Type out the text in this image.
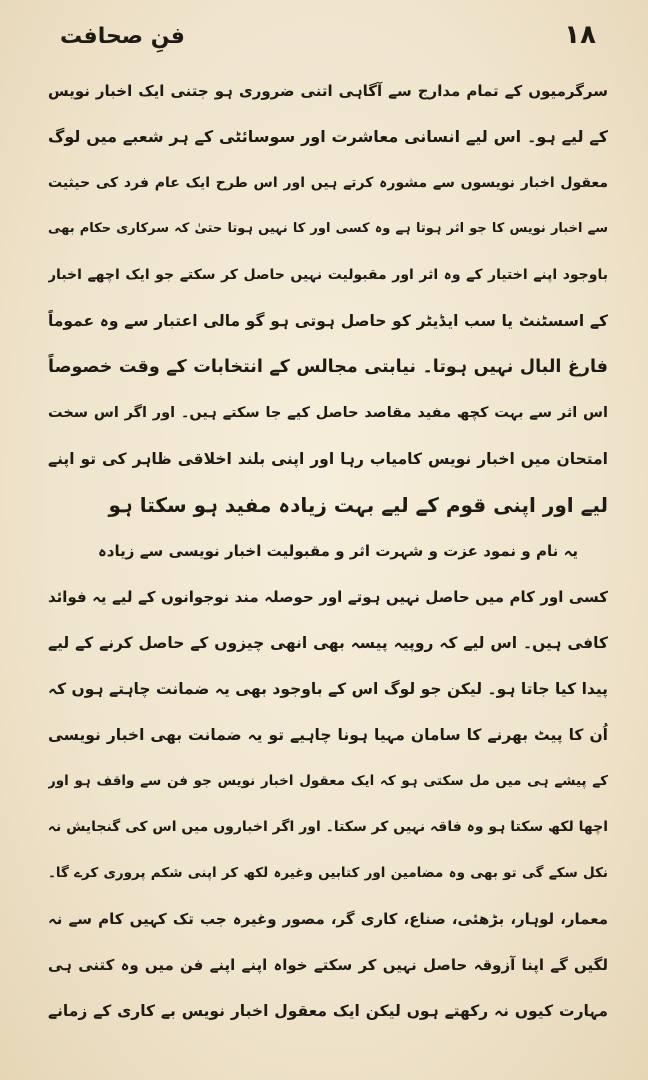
فنِ صحافت	۱۸
سرگرمیوں کے تمام مدارج سے آگاہی اتنی ضروری ہو جتنی ایک اخبار نویس
کے لیے ہو۔ اس لیے انسانی معاشرت اور سوسائٹی کے ہر شعبے میں لوگ
معقول اخبار نویسوں سے مشورہ کرتے ہیں اور اس طرح ایک عام فرد کی حیثیت
سے اخبار نویس کا جو اثر ہوتا ہے وہ کسی اور کا نہیں ہوتا حتیٰ کہ سرکاری حکام بھی
باوجود اپنے اختیار کے وہ اثر اور مقبولیت نہیں حاصل کر سکتے جو ایک اچھے اخبار
کے اسسٹنٹ یا سب ایڈیٹر کو حاصل ہوتی ہو گو مالی اعتبار سے وہ عموماً
فارغ البال نہیں ہوتا۔ نیابتی مجالس کے انتخابات کے وقت خصوصاً
اس اثر سے بہت کچھ مفید مقاصد حاصل کیے جا سکتے ہیں۔ اور اگر اس سخت
امتحان میں اخبار نویس کامیاب رہا اور اپنی بلند اخلاقی ظاہر کی تو اپنے
لیے اور اپنی قوم کے لیے بہت زیادہ مفید ہو سکتا ہو
یہ نام و نمود عزت و شہرت اثر و مقبولیت اخبار نویسی سے زیادہ
کسی اور کام میں حاصل نہیں ہوتے اور حوصلہ مند نوجوانوں کے لیے یہ فوائد
کافی ہیں۔ اس لیے کہ روپیہ پیسہ بھی انھی چیزوں کے حاصل کرنے کے لیے
پیدا کیا جاتا ہو۔ لیکن جو لوگ اس کے باوجود بھی یہ ضمانت چاہتے ہوں کہ
اُن کا پیٹ بھرنے کا سامان مہیا ہونا چاہیے تو یہ ضمانت بھی اخبار نویسی
کے پیشے ہی میں مل سکتی ہو کہ ایک معقول اخبار نویس جو فن سے واقف ہو اور
اچھا لکھ سکتا ہو وہ فاقہ نہیں کر سکتا۔ اور اگر اخباروں میں اس کی گنجایش نہ
نکل سکے گی تو بھی وہ مضامین اور کتابیں وغیرہ لکھ کر اپنی شکم پروری کرے گا۔
معمار، لوہار، بڑھئی، صناع، کاری گر، مصور وغیرہ جب تک کہیں کام سے نہ
لگیں گے اپنا آزوقہ حاصل نہیں کر سکتے خواہ اپنے اپنے فن میں وہ کتنی ہی
مہارت کیوں نہ رکھتے ہوں لیکن ایک معقول اخبار نویس بے کاری کے زمانے
